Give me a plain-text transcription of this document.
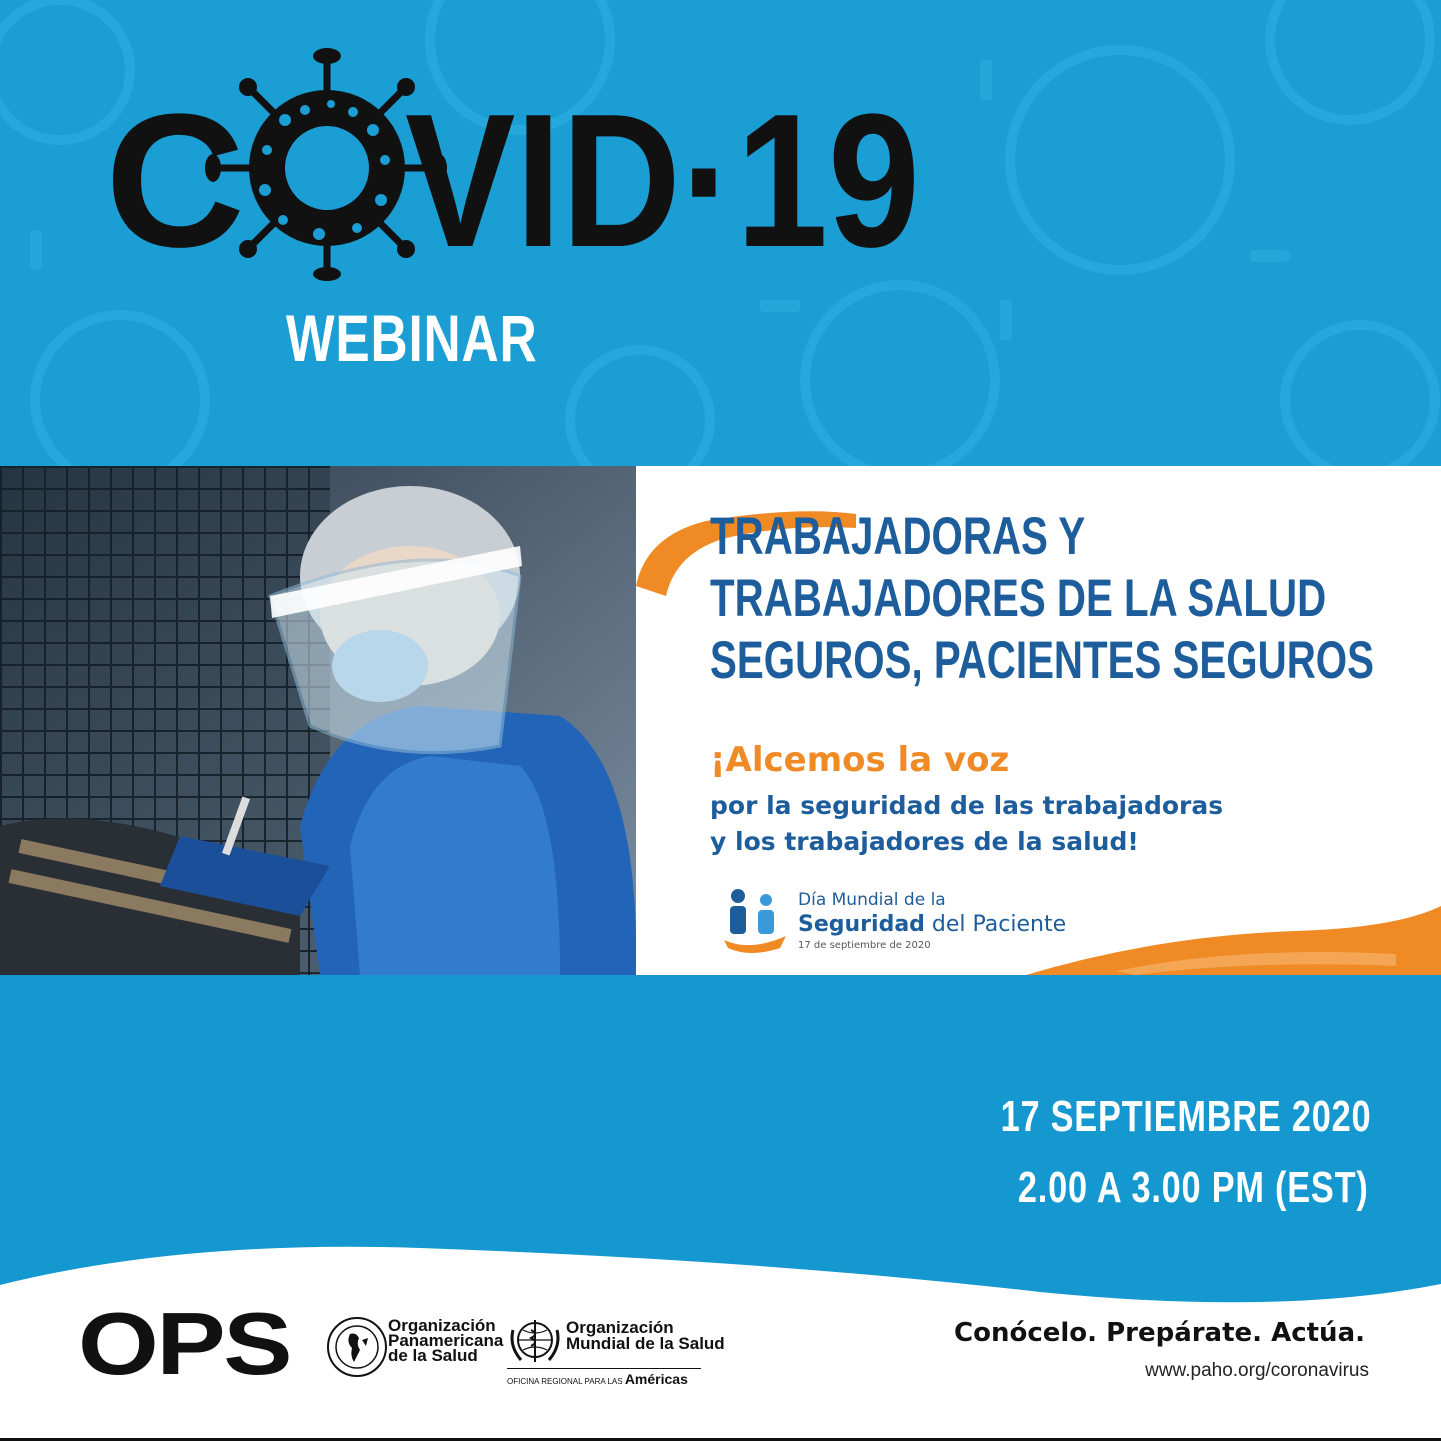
C VID·19
WEBINAR
TRABAJADORAS Y
TRABAJADORES DE LA SALUD
SEGUROS, PACIENTES SEGUROS
¡Alcemos la voz
por la seguridad de las trabajadoras
y los trabajadores de la salud!
Día Mundial de la
Seguridad del Paciente
17 de septiembre de 2020
17 SEPTIEMBRE 2020
2.00 A 3.00 PM (EST)
OPS	Organización
Panamericana
de la Salud
Organización
Mundial de la Salud
OFICINA REGIONAL PARA LAS Américas
Conócelo. Prepárate. Actúa.
www.paho.org/coronavirus
